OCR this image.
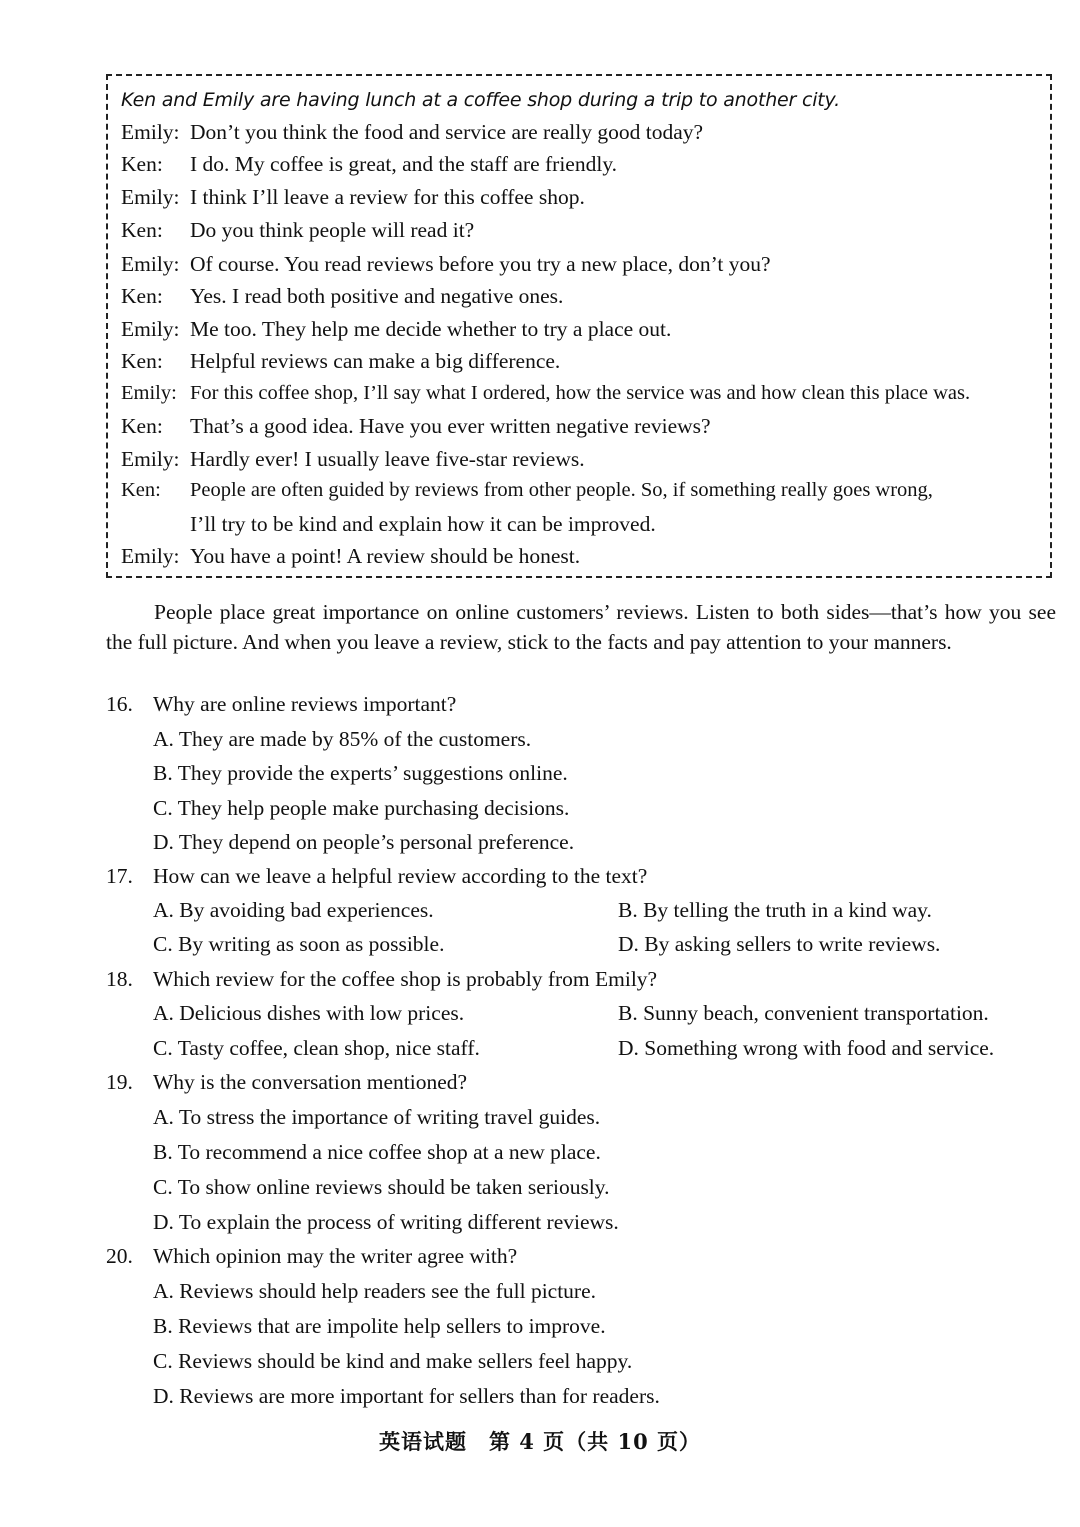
Ken and Emily are having lunch at a coffee shop during a trip to another city.
Emily: Don’t you think the food and service are really good today?
Ken: I do. My coffee is great, and the staff are friendly.
Emily: I think I’ll leave a review for this coffee shop.
Ken: Do you think people will read it?
Emily: Of course. You read reviews before you try a new place, don’t you?
Ken: Yes. I read both positive and negative ones.
Emily: Me too. They help me decide whether to try a place out.
Ken: Helpful reviews can make a big difference.
Emily: For this coffee shop, I’ll say what I ordered, how the service was and how clean this place was.
Ken: That’s a good idea. Have you ever written negative reviews?
Emily: Hardly ever! I usually leave five-star reviews.
Ken: People are often guided by reviews from other people. So, if something really goes wrong,
I’ll try to be kind and explain how it can be improved.
Emily: You have a point! A review should be honest.
People place great importance on online customers’ reviews. Listen to both sides—that’s how you see the full picture. And when you leave a review, stick to the facts and pay attention to your manners.
16. Why are online reviews important?
A. They are made by 85% of the customers.
B. They provide the experts’ suggestions online.
C. They help people make purchasing decisions.
D. They depend on people’s personal preference.
17. How can we leave a helpful review according to the text?
A. By avoiding bad experiences.	B. By telling the truth in a kind way.
C. By writing as soon as possible.	D. By asking sellers to write reviews.
18. Which review for the coffee shop is probably from Emily?
A. Delicious dishes with low prices.	B. Sunny beach, convenient transportation.
C. Tasty coffee, clean shop, nice staff.	D. Something wrong with food and service.
19. Why is the conversation mentioned?
A. To stress the importance of writing travel guides.
B. To recommend a nice coffee shop at a new place.
C. To show online reviews should be taken seriously.
D. To explain the process of writing different reviews.
20. Which opinion may the writer agree with?
A. Reviews should help readers see the full picture.
B. Reviews that are impolite help sellers to improve.
C. Reviews should be kind and make sellers feel happy.
D. Reviews are more important for sellers than for readers.
英语试题　第 4 页（共 10 页）
